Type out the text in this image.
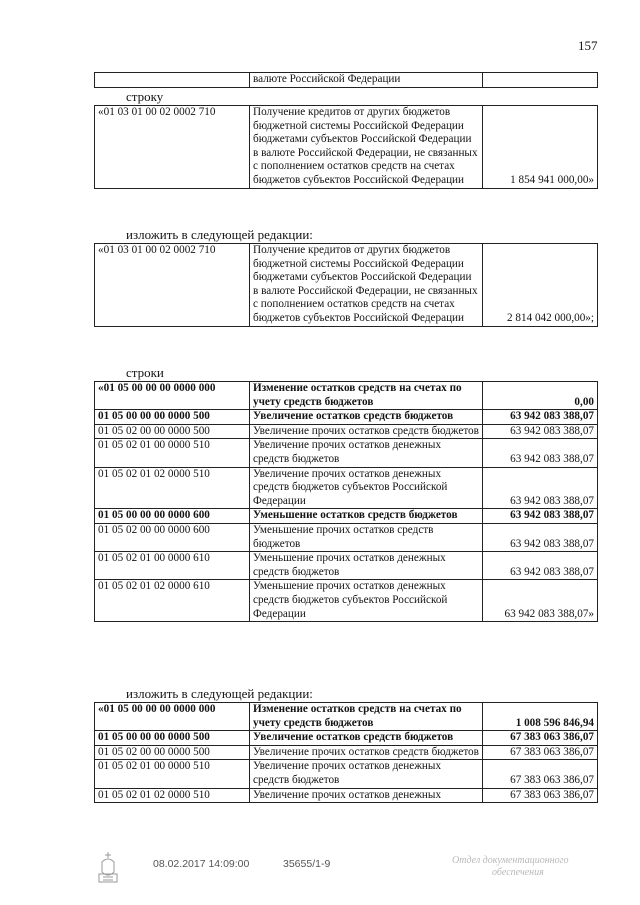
157
	валюте Российской Федерации	
строку
«01 03 01 00 02 0002 710	Получение кредитов от других бюджетов бюджетной системы Российской Федерации бюджетами субъектов Российской Федерации в валюте Российской Федерации, не связанных с пополнением остатков средств на счетах бюджетов субъектов Российской Федерации	1 854 941 000,00»
изложить в следующей редакции:
«01 03 01 00 02 0002 710	Получение кредитов от других бюджетов бюджетной системы Российской Федерации бюджетами субъектов Российской Федерации в валюте Российской Федерации, не связанных с пополнением остатков средств на счетах бюджетов субъектов Российской Федерации	2 814 042 000,00»;
строки
«01 05 00 00 00 0000 000	Изменение остатков средств на счетах по учету средств бюджетов	0,00
01 05 00 00 00 0000 500	Увеличение остатков средств бюджетов	63 942 083 388,07
01 05 02 00 00 0000 500	Увеличение прочих остатков средств бюджетов	63 942 083 388,07
01 05 02 01 00 0000 510	Увеличение прочих остатков денежных средств бюджетов	63 942 083 388,07
01 05 02 01 02 0000 510	Увеличение прочих остатков денежных средств бюджетов субъектов Российской Федерации	63 942 083 388,07
01 05 00 00 00 0000 600	Уменьшение остатков средств бюджетов	63 942 083 388,07
01 05 02 00 00 0000 600	Уменьшение прочих остатков средств бюджетов	63 942 083 388,07
01 05 02 01 00 0000 610	Уменьшение прочих остатков денежных средств бюджетов	63 942 083 388,07
01 05 02 01 02 0000 610	Уменьшение прочих остатков денежных средств бюджетов субъектов Российской Федерации	63 942 083 388,07»
изложить в следующей редакции:
«01 05 00 00 00 0000 000	Изменение остатков средств на счетах по учету средств бюджетов	1 008 596 846,94
01 05 00 00 00 0000 500	Увеличение остатков средств бюджетов	67 383 063 386,07
01 05 02 00 00 0000 500	Увеличение прочих остатков средств бюджетов	67 383 063 386,07
01 05 02 01 00 0000 510	Увеличение прочих остатков денежных средств бюджетов	67 383 063 386,07
01 05 02 01 02 0000 510	Увеличение прочих остатков денежных	67 383 063 386,07
08.02.2017 14:09:00	35655/1-9	Отдел документационного
обеспечения
